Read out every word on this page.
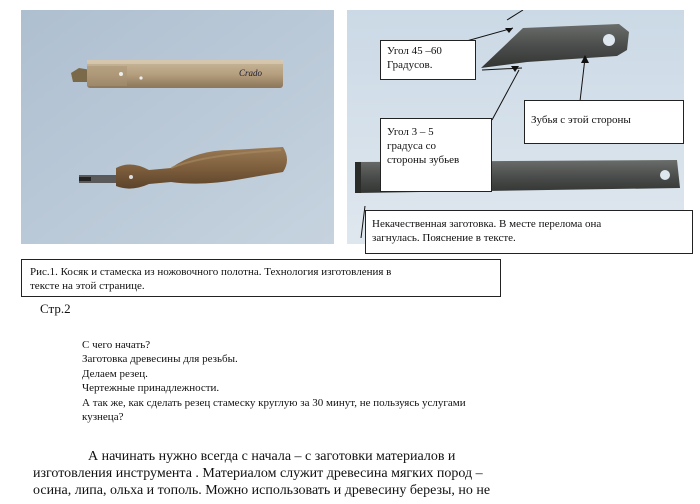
Crado
Угол 45 –60
Градусов.
Угол 3 – 5
градуса со
стороны зубьев
Зубья с этой стороны
Некачественная заготовка. В месте перелома она
загнулась. Пояснение в тексте.
Рис.1. Косяк и стамеска из ножовочного полотна. Технология изготовления в
тексте на этой странице.
Стр.2
С чего начать?
Заготовка древесины для резьбы.
Делаем резец.
Чертежные принадлежности.
А так же, как сделать резец стамеску круглую за 30 минут, не пользуясь услугами
кузнеца?
А начинать нужно всегда с начала – с заготовки материалов и
изготовления инструмента . Материалом служит древесина мягких пород –
осина, липа, ольха и тополь. Можно использовать и древесину березы, но не
